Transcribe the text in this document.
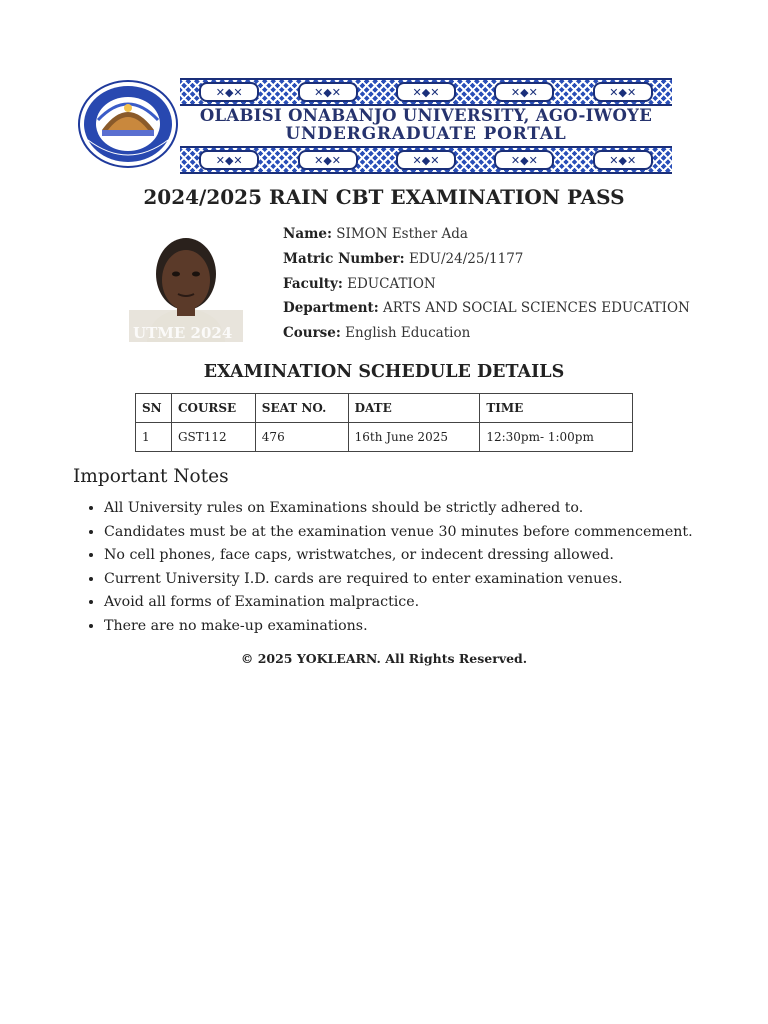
✕◆✕	✕◆✕	✕◆✕	✕◆✕	✕◆✕
OLABISI ONABANJO UNIVERSITY, AGO-IWOYE
UNDERGRADUATE PORTAL
✕◆✕	✕◆✕	✕◆✕	✕◆✕	✕◆✕
2024/2025 RAIN CBT EXAMINATION PASS
UTME 2024
Name: SIMON Esther Ada
Matric Number: EDU/24/25/1177
Faculty: EDUCATION
Department: ARTS AND SOCIAL SCIENCES EDUCATION
Course: English Education
EXAMINATION SCHEDULE DETAILS
SN	COURSE	SEAT NO.	DATE	TIME
1	GST112	476	16th June 2025	12:30pm- 1:00pm
Important Notes
• All University rules on Examinations should be strictly adhered to.
• Candidates must be at the examination venue 30 minutes before commencement.
• No cell phones, face caps, wristwatches, or indecent dressing allowed.
• Current University I.D. cards are required to enter examination venues.
• Avoid all forms of Examination malpractice.
• There are no make-up examinations.
© 2025 YOKLEARN. All Rights Reserved.
